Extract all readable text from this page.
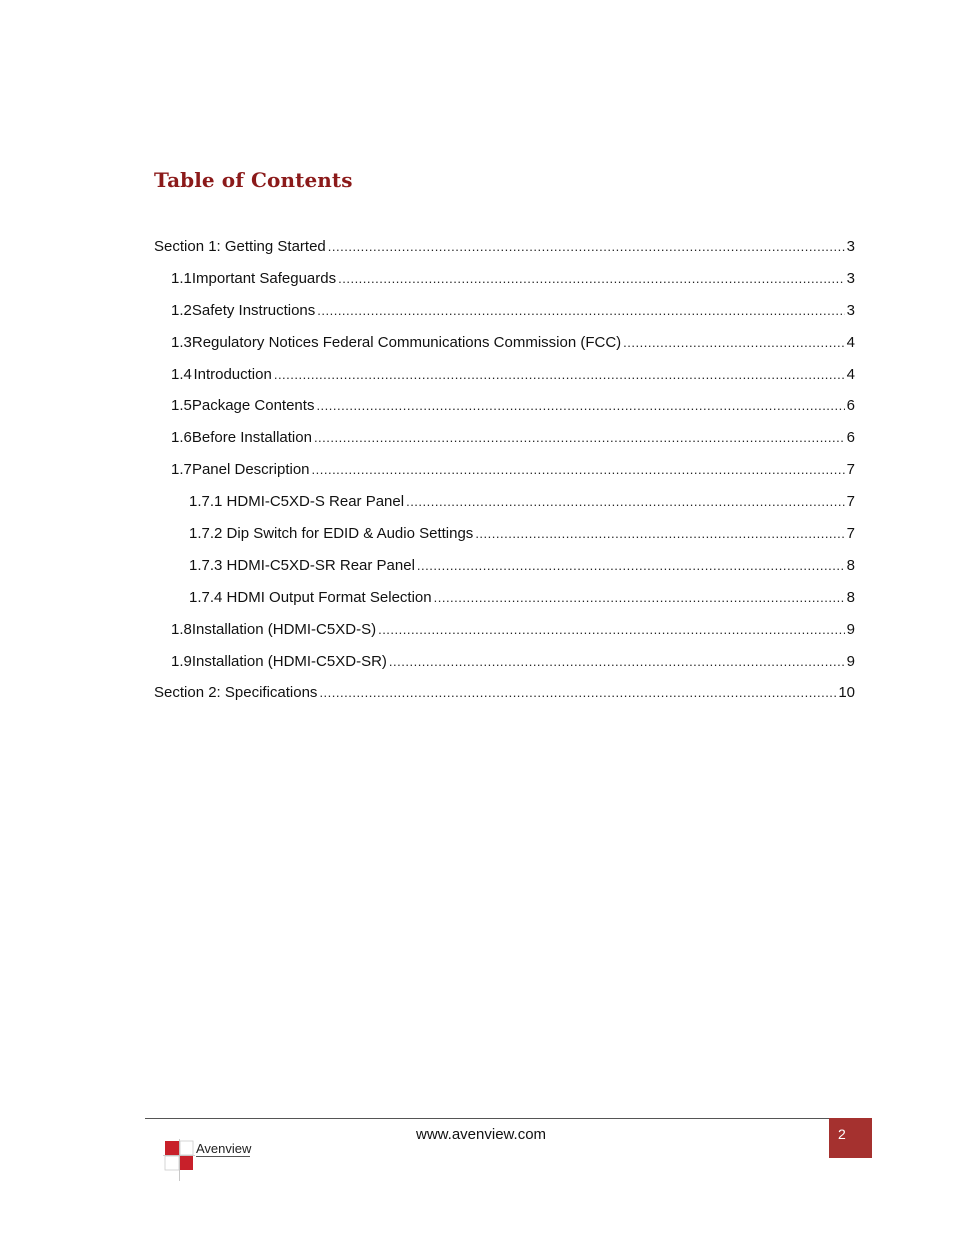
Table of Contents
Section 1: Getting Started .....	3
1.1 Important Safeguards .....	3
1.2 Safety Instructions .....	3
1.3 Regulatory Notices Federal Communications Commission (FCC) .....	4
1.4 Introduction .....	4
1.5 Package Contents .....	6
1.6 Before Installation .....	6
1.7 Panel Description .....	7
1.7.1 HDMI-C5XD-S Rear Panel .....	7
1.7.2 Dip Switch for EDID & Audio Settings .....	7
1.7.3 HDMI-C5XD-SR Rear Panel .....	8
1.7.4 HDMI Output Format Selection .....	8
1.8 Installation (HDMI-C5XD-S) .....	9
1.9 Installation (HDMI-C5XD-SR) .....	9
Section 2: Specifications .....	10
Avenview
www.avenview.com	2
